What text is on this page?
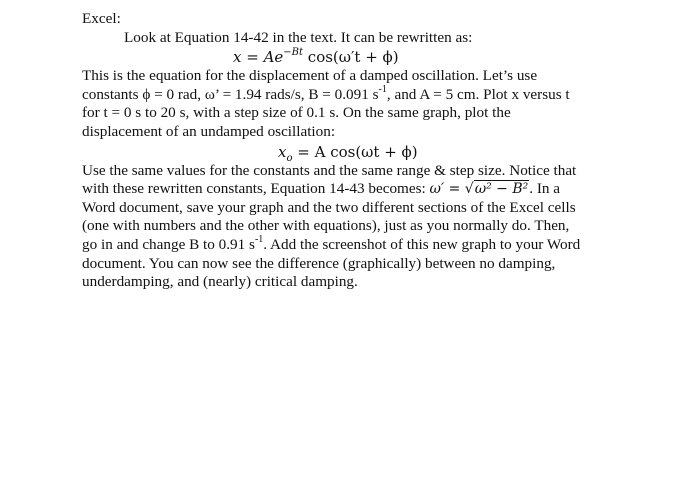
Excel:
Look at Equation 14-42 in the text. It can be rewritten as:
$x = Ae^{-Bt}$ cos(ω′t + ϕ)
This is the equation for the displacement of a damped oscillation. Let’s use
constants ϕ = 0 rad, ω’ = 1.94 rads/s, B = 0.091 $s^{-1}$, and A = 5 cm. Plot x versus t
for t = 0 s to 20 s, with a step size of 0.1 s. On the same graph, plot the
displacement of an undamped oscillation:
$x_o = A$ cos(ωt + ϕ)
Use the same values for the constants and the same range & step size. Notice that
with these rewritten constants, Equation 14-43 becomes: ω′ = √ω² − B². In a
Word document, save your graph and the two different sections of the Excel cells
(one with numbers and the other with equations), just as you normally do. Then,
go in and change B to 0.91 $s^{-1}$. Add the screenshot of this new graph to your Word
document. You can now see the difference (graphically) between no damping,
underdamping, and (nearly) critical damping.
